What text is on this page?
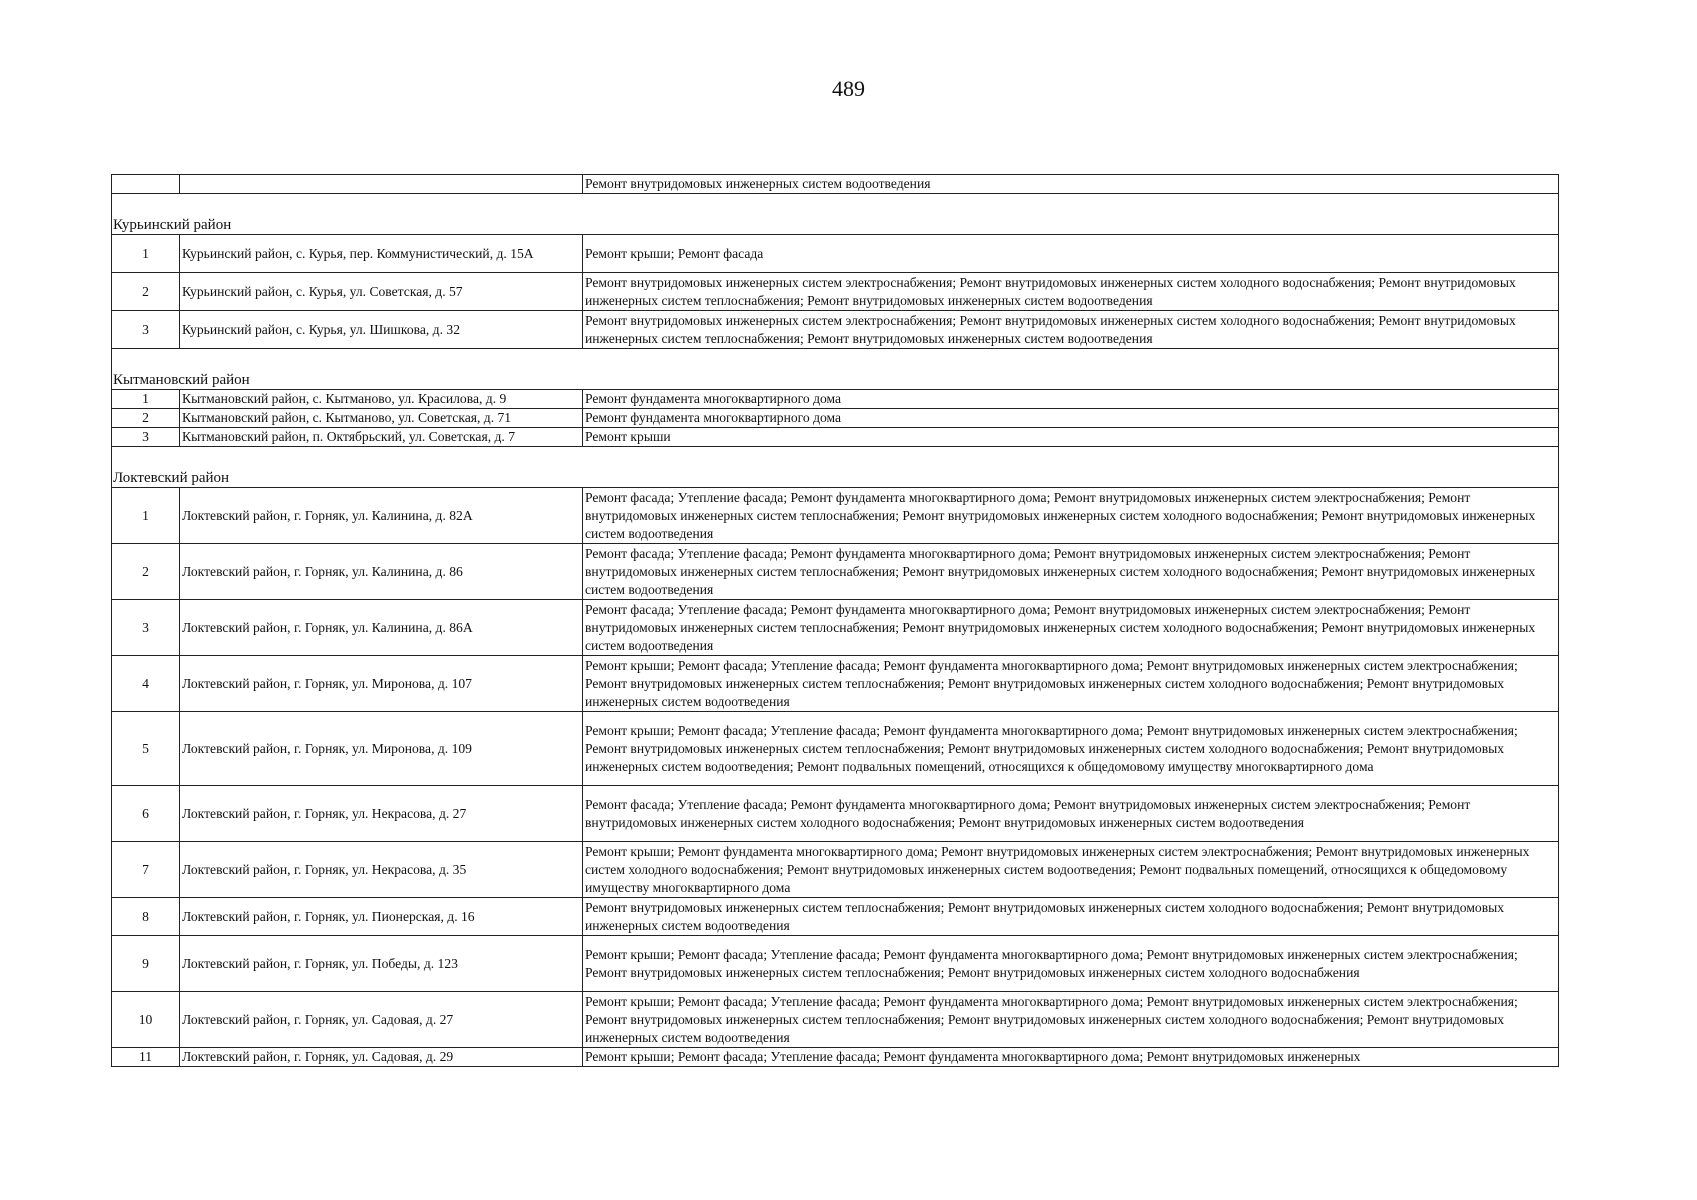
489
		Ремонт внутридомовых инженерных систем водоотведения
Курьинский район		
1	Курьинский район, с. Курья, пер. Коммунистический, д. 15А	Ремонт крыши; Ремонт фасада
2	Курьинский район, с. Курья, ул. Советская, д. 57	Ремонт внутридомовых инженерных систем электроснабжения; Ремонт внутридомовых инженерных систем холодного водоснабжения; Ремонт внутридомовых инженерных систем теплоснабжения; Ремонт внутридомовых инженерных систем водоотведения
3	Курьинский район, с. Курья, ул. Шишкова, д. 32	Ремонт внутридомовых инженерных систем электроснабжения; Ремонт внутридомовых инженерных систем холодного водоснабжения; Ремонт внутридомовых инженерных систем теплоснабжения; Ремонт внутридомовых инженерных систем водоотведения
Кытмановский район		
1	Кытмановский район, с. Кытманово, ул. Красилова, д. 9	Ремонт фундамента многоквартирного дома
2	Кытмановский район, с. Кытманово, ул. Советская, д. 71	Ремонт фундамента многоквартирного дома
3	Кытмановский район, п. Октябрьский, ул. Советская, д. 7	Ремонт крыши
Локтевский район		
1	Локтевский район, г. Горняк, ул. Калинина, д. 82А	Ремонт фасада; Утепление фасада; Ремонт фундамента многоквартирного дома; Ремонт внутридомовых инженерных систем электроснабжения; Ремонт внутридомовых инженерных систем теплоснабжения; Ремонт внутридомовых инженерных систем холодного водоснабжения; Ремонт внутридомовых инженерных систем водоотведения
2	Локтевский район, г. Горняк, ул. Калинина, д. 86	Ремонт фасада; Утепление фасада; Ремонт фундамента многоквартирного дома; Ремонт внутридомовых инженерных систем электроснабжения; Ремонт внутридомовых инженерных систем теплоснабжения; Ремонт внутридомовых инженерных систем холодного водоснабжения; Ремонт внутридомовых инженерных систем водоотведения
3	Локтевский район, г. Горняк, ул. Калинина, д. 86А	Ремонт фасада; Утепление фасада; Ремонт фундамента многоквартирного дома; Ремонт внутридомовых инженерных систем электроснабжения; Ремонт внутридомовых инженерных систем теплоснабжения; Ремонт внутридомовых инженерных систем холодного водоснабжения; Ремонт внутридомовых инженерных систем водоотведения
4	Локтевский район, г. Горняк, ул. Миронова, д. 107	Ремонт крыши; Ремонт фасада; Утепление фасада; Ремонт фундамента многоквартирного дома; Ремонт внутридомовых инженерных систем электроснабжения; Ремонт внутридомовых инженерных систем теплоснабжения; Ремонт внутридомовых инженерных систем холодного водоснабжения; Ремонт внутридомовых инженерных систем водоотведения
5	Локтевский район, г. Горняк, ул. Миронова, д. 109	Ремонт крыши; Ремонт фасада; Утепление фасада; Ремонт фундамента многоквартирного дома; Ремонт внутридомовых инженерных систем электроснабжения; Ремонт внутридомовых инженерных систем теплоснабжения; Ремонт внутридомовых инженерных систем холодного водоснабжения; Ремонт внутридомовых инженерных систем водоотведения; Ремонт подвальных помещений, относящихся к общедомовому имуществу многоквартирного дома
6	Локтевский район, г. Горняк, ул. Некрасова, д. 27	Ремонт фасада; Утепление фасада; Ремонт фундамента многоквартирного дома; Ремонт внутридомовых инженерных систем электроснабжения; Ремонт внутридомовых инженерных систем холодного водоснабжения; Ремонт внутридомовых инженерных систем водоотведения
7	Локтевский район, г. Горняк, ул. Некрасова, д. 35	Ремонт крыши; Ремонт фундамента многоквартирного дома; Ремонт внутридомовых инженерных систем электроснабжения; Ремонт внутридомовых инженерных систем холодного водоснабжения; Ремонт внутридомовых инженерных систем водоотведения; Ремонт подвальных помещений, относящихся к общедомовому имуществу многоквартирного дома
8	Локтевский район, г. Горняк, ул. Пионерская, д. 16	Ремонт внутридомовых инженерных систем теплоснабжения; Ремонт внутридомовых инженерных систем холодного водоснабжения; Ремонт внутридомовых инженерных систем водоотведения
9	Локтевский район, г. Горняк, ул. Победы, д. 123	Ремонт крыши; Ремонт фасада; Утепление фасада; Ремонт фундамента многоквартирного дома; Ремонт внутридомовых инженерных систем электроснабжения; Ремонт внутридомовых инженерных систем теплоснабжения; Ремонт внутридомовых инженерных систем холодного водоснабжения
10	Локтевский район, г. Горняк, ул. Садовая, д. 27	Ремонт крыши; Ремонт фасада; Утепление фасада; Ремонт фундамента многоквартирного дома; Ремонт внутридомовых инженерных систем электроснабжения; Ремонт внутридомовых инженерных систем теплоснабжения; Ремонт внутридомовых инженерных систем холодного водоснабжения; Ремонт внутридомовых инженерных систем водоотведения
11	Локтевский район, г. Горняк, ул. Садовая, д. 29	Ремонт крыши; Ремонт фасада; Утепление фасада; Ремонт фундамента многоквартирного дома; Ремонт внутридомовых инженерных
